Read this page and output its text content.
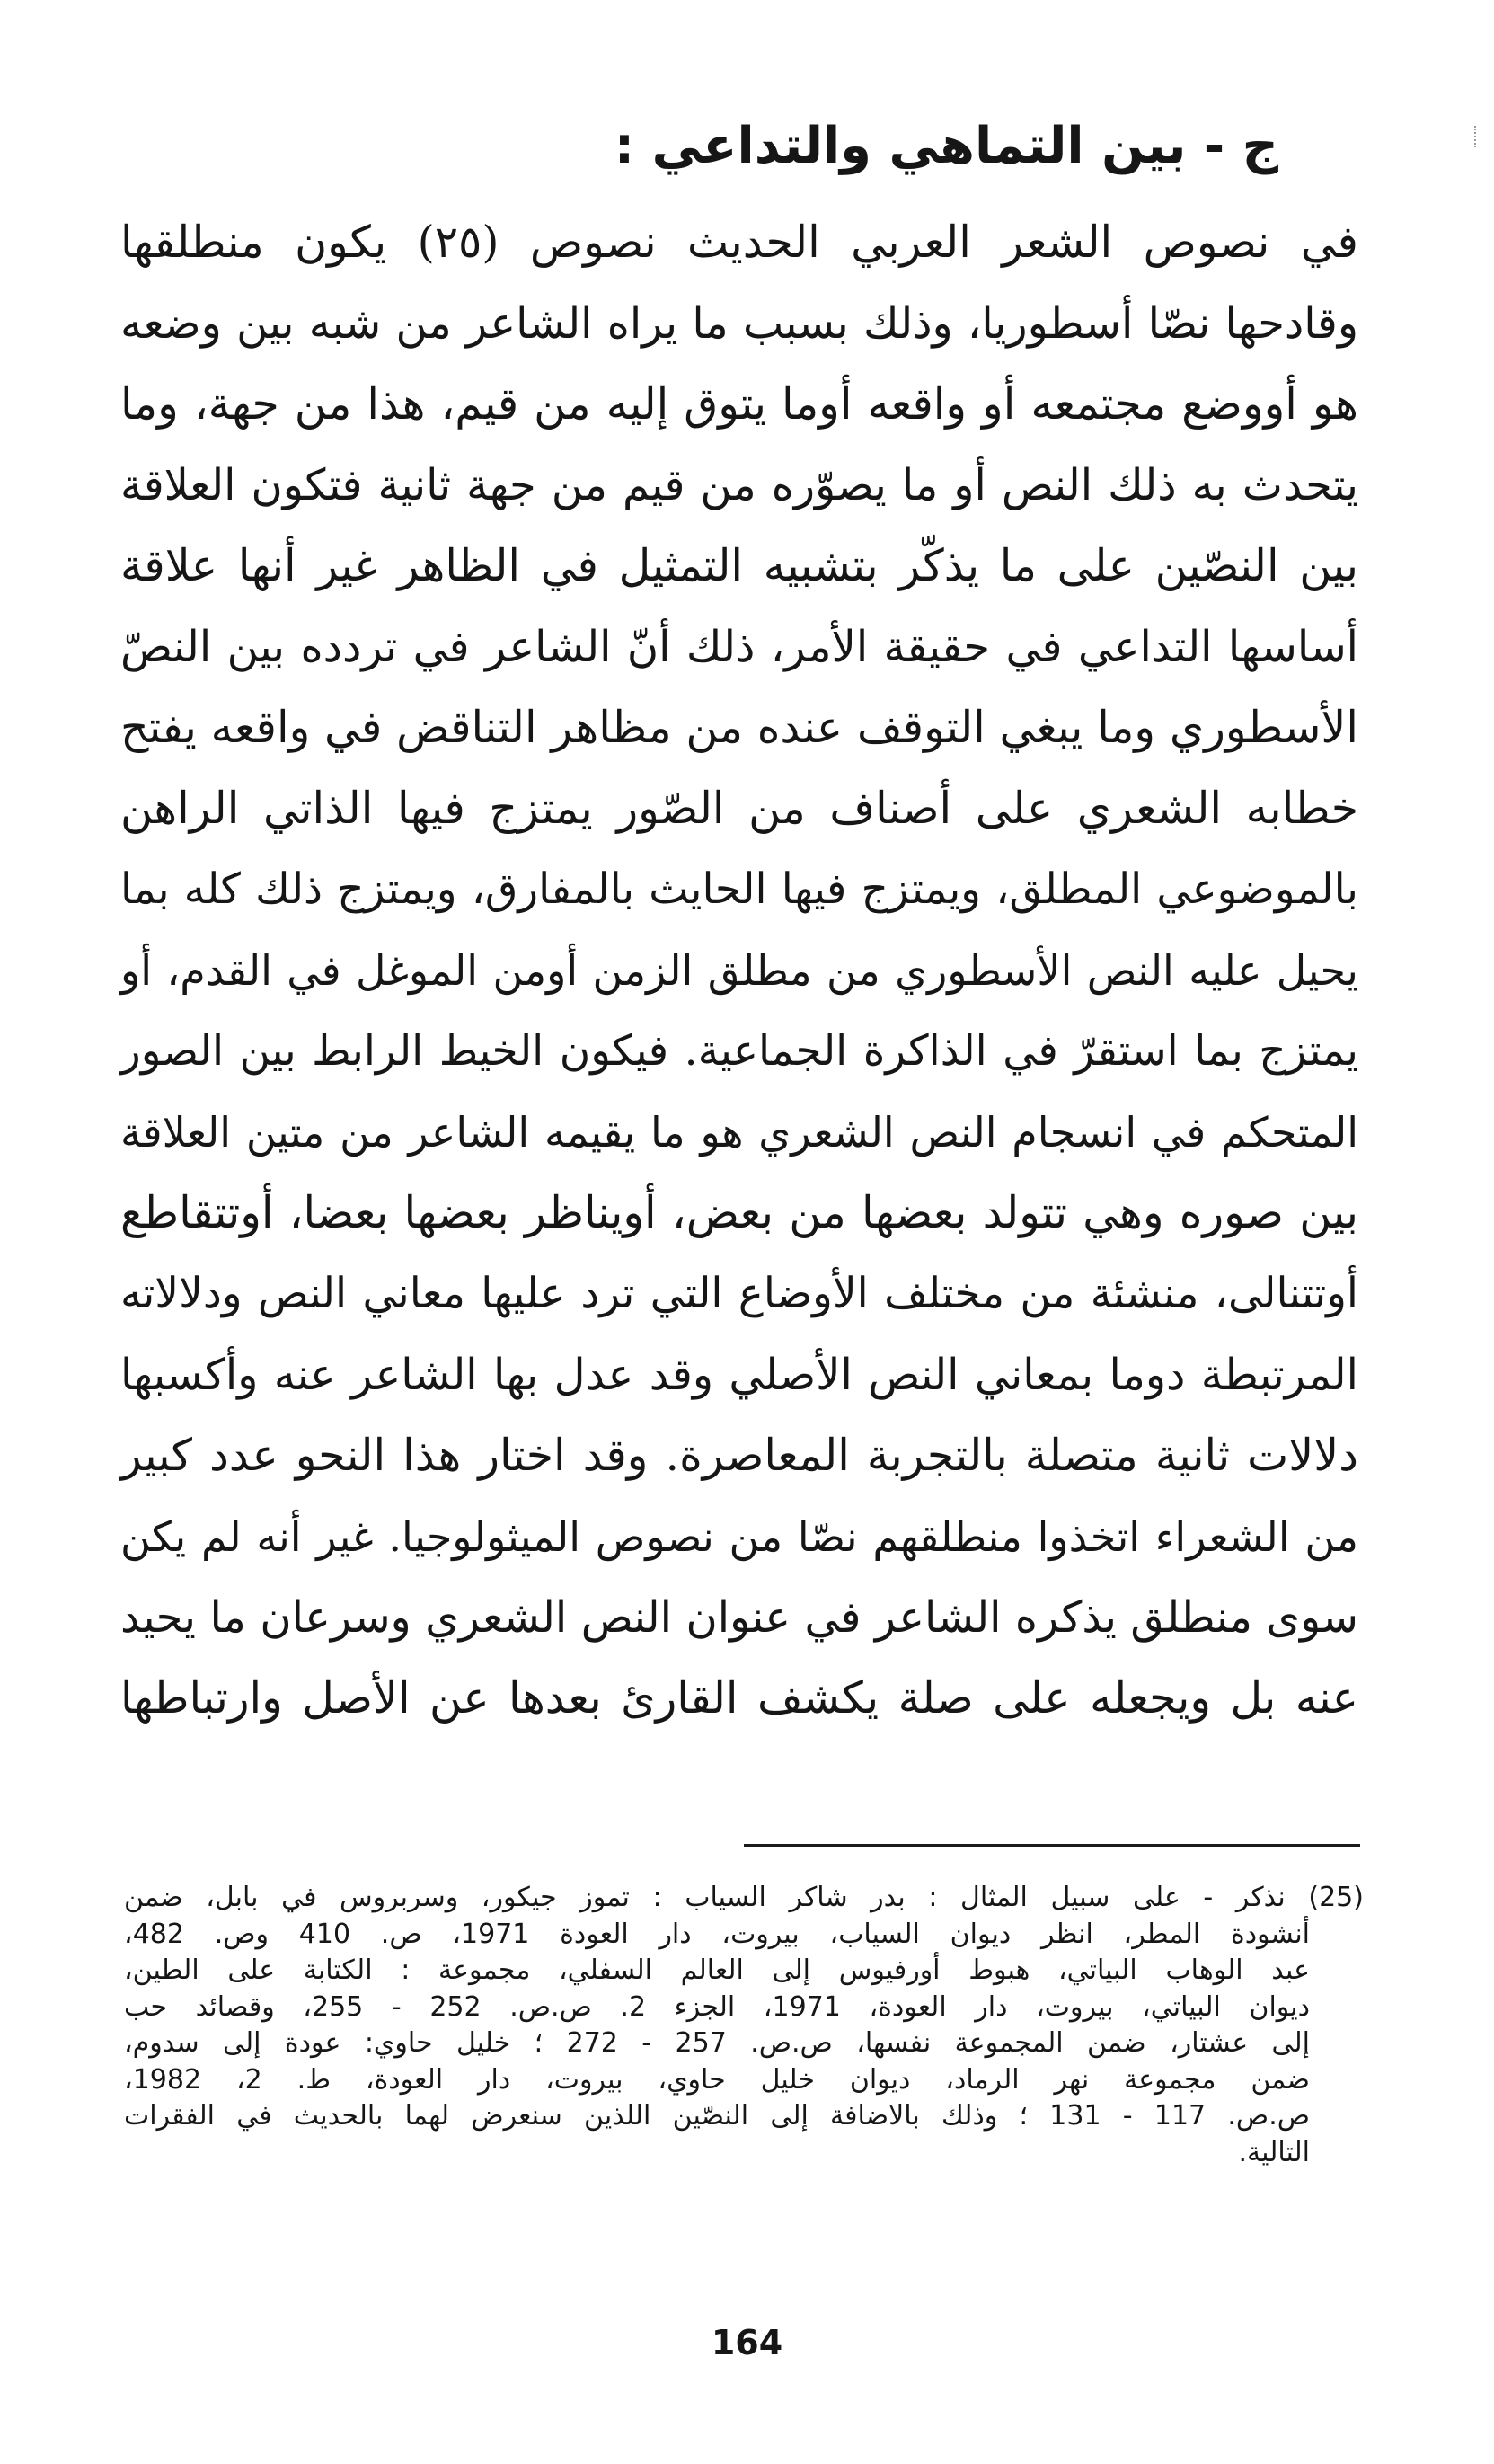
ج - بين التماهي والتداعي :
في نصوص الشعر العربي الحديث نصوص (٢٥) يكون منطلقها
وقادحها نصّا أسطوريا، وذلك بسبب ما يراه الشاعر من شبه بين وضعه
هو أووضع مجتمعه أو واقعه أوما يتوق إليه من قيم، هذا من جهة، وما
يتحدث به ذلك النص أو ما يصوّره من قيم من جهة ثانية فتكون العلاقة
بين النصّين على ما يذكّر بتشبيه التمثيل في الظاهر غير أنها علاقة
أساسها التداعي في حقيقة الأمر، ذلك أنّ الشاعر في تردده بين النصّ
الأسطوري وما يبغي التوقف عنده من مظاهر التناقض في واقعه يفتح
خطابه الشعري على أصناف من الصّور يمتزج فيها الذاتي الراهن
بالموضوعي المطلق، ويمتزج فيها الحايث بالمفارق، ويمتزج ذلك كله بما
يحيل عليه النص الأسطوري من مطلق الزمن أومن الموغل في القدم، أو
يمتزج بما استقرّ في الذاكرة الجماعية. فيكون الخيط الرابط بين الصور
المتحكم في انسجام النص الشعري هو ما يقيمه الشاعر من متين العلاقة
بين صوره وهي تتولد بعضها من بعض، أويناظر بعضها بعضا، أوتتقاطع
أوتتنالى، منشئة من مختلف الأوضاع التي ترد عليها معاني النص ودلالاته
المرتبطة دوما بمعاني النص الأصلي وقد عدل بها الشاعر عنه وأكسبها
دلالات ثانية متصلة بالتجربة المعاصرة. وقد اختار هذا النحو عدد كبير
من الشعراء اتخذوا منطلقهم نصّا من نصوص الميثولوجيا. غير أنه لم يكن
سوى منطلق يذكره الشاعر في عنوان النص الشعري وسرعان ما يحيد
عنه بل ويجعله على صلة يكشف القارئ بعدها عن الأصل وارتباطها
(25) نذكر - على سبيل المثال : بدر شاكر السياب : تموز جيكور، وسربروس في بابل، ضمن
أنشودة المطر، انظر ديوان السياب، بيروت، دار العودة 1971، ص. 410 وص. 482،
عبد الوهاب البياتي، هبوط أورفيوس إلى العالم السفلي، مجموعة : الكتابة على الطين،
ديوان البياتي، بيروت، دار العودة، 1971، الجزء 2. ص.ص. 252 - 255، وقصائد حب
إلى عشتار، ضمن المجموعة نفسها، ص.ص. 257 - 272 ؛ خليل حاوي: عودة إلى سدوم،
ضمن مجموعة نهر الرماد، ديوان خليل حاوي، بيروت، دار العودة، ط. 2، 1982،
ص.ص. 117 - 131 ؛ وذلك بالاضافة إلى النصّين اللذين سنعرض لهما بالحديث في الفقرات
التالية.
164
